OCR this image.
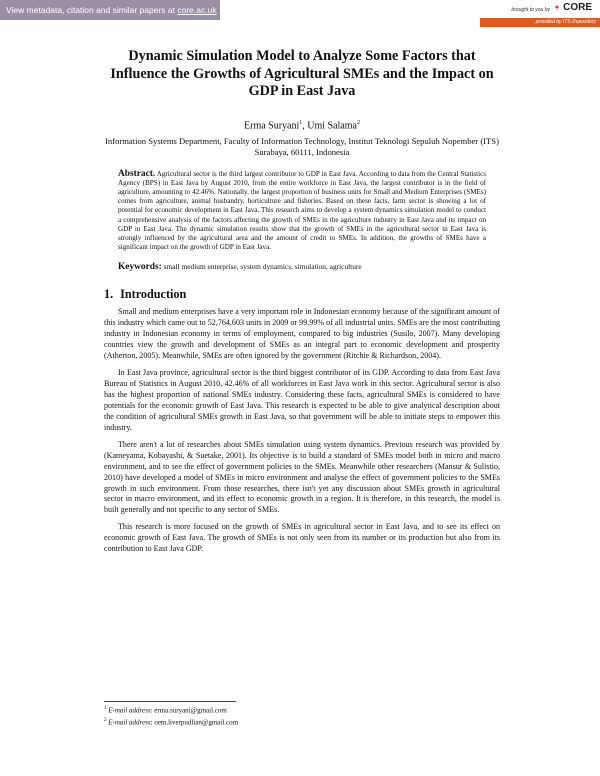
View metadata, citation and similar papers at core.ac.uk	brought to you by ✦ CORE
provided by ITS Repository
Dynamic Simulation Model to Analyze Some Factors that Influence the Growths of Agricultural SMEs and the Impact on GDP in East Java
Erma Suryani$^1$, Umi Salama$^2$
Information Systems Department, Faculty of Information Technology, Institut Teknologi Sepuluh Nopember (ITS) Surabaya, 60111, Indonesia
Abstract. Agricultural sector is the third largest contributor to GDP in East Java. According to data from the Central Statistics Agency (BPS) in East Java by August 2010, from the entire workforce in East Java, the largest contributor is in the field of agriculture, amounting to 42.46%. Nationally, the largest proportion of business units for Small and Medium Enterprises (SMEs) comes from agriculture, animal husbandry, horticulture and fisheries. Based on these facts, farm sector is showing a lot of potential for economic development in East Java. This research aims to develop a system dynamics simulation model to conduct a comprehensive analysis of the factors affecting the growth of SMEs in the agriculture industry in East Java and its impact on GDP in East Java. The dynamic simulation results show that the growth of SMEs in the agricultural sector in East Java is strongly influenced by the agricultural area and the amount of credit to SMEs. In addition, the growths of SMEs have a significant impact on the growth of GDP in East Java.
Keywords: small medium enterprise, system dynamics, simulation, agriculture
1. Introduction

Small and medium enterprises have a very important role in Indonesian economy because of the significant amount of this industry which came out to 52,764,603 units in 2009 or 99.99% of all industrial units. SMEs are the most contributing industry in Indonesian economy in terms of employment, compared to big industries (Susilo, 2007). Many developing countries view the growth and development of SMEs as an integral part to economic development and prosperity (Atherton, 2005). Meanwhile, SMEs are often ignored by the government (Ritchie & Richardson, 2004).

In East Java province, agricultural sector is the third biggest contributor of its GDP. According to data from East Java Bureau of Statistics in August 2010, 42.46% of all workforces in East Java work in this sector. Agricultural sector is also has the highest proportion of national SMEs industry. Considering these facts, agricultural SMEs is considered to have potentials for the economic growth of East Java. This research is expected to be able to give analytical description about the condition of agricultural SMEs growth in East Java, so that government will be able to initiate steps to empower this industry.

There aren't a lot of researches about SMEs simulation using system dynamics. Previous research was provided by (Kameyama, Kobayashi, & Suetake, 2001). Its objective is to build a standard of SMEs model both in micro and macro environment, and to see the effect of government policies to the SMEs. Meanwhile other researchers (Mansur & Sulistio, 2010) have developed a model of SMEs in micro environment and analyse the effect of government policies to the SMEs growth in such environment. From those researches, there isn't yet any discussion about SMEs growth in agricultural sector in macro environment, and its effect to economic growth in a region. It is therefore, in this research, the model is built generally and not specific to any sector of SMEs.

This research is more focused on the growth of SMEs in agricultural sector in East Java, and to see its effect on economic growth of East Java. The growth of SMEs is not only seen from its number or its production but also from its contribution to East Java GDP.

$^1$ E-mail address: erma.suryani@gmail.com
$^2$ E-mail address: oem.liverpudlian@gmail.com
